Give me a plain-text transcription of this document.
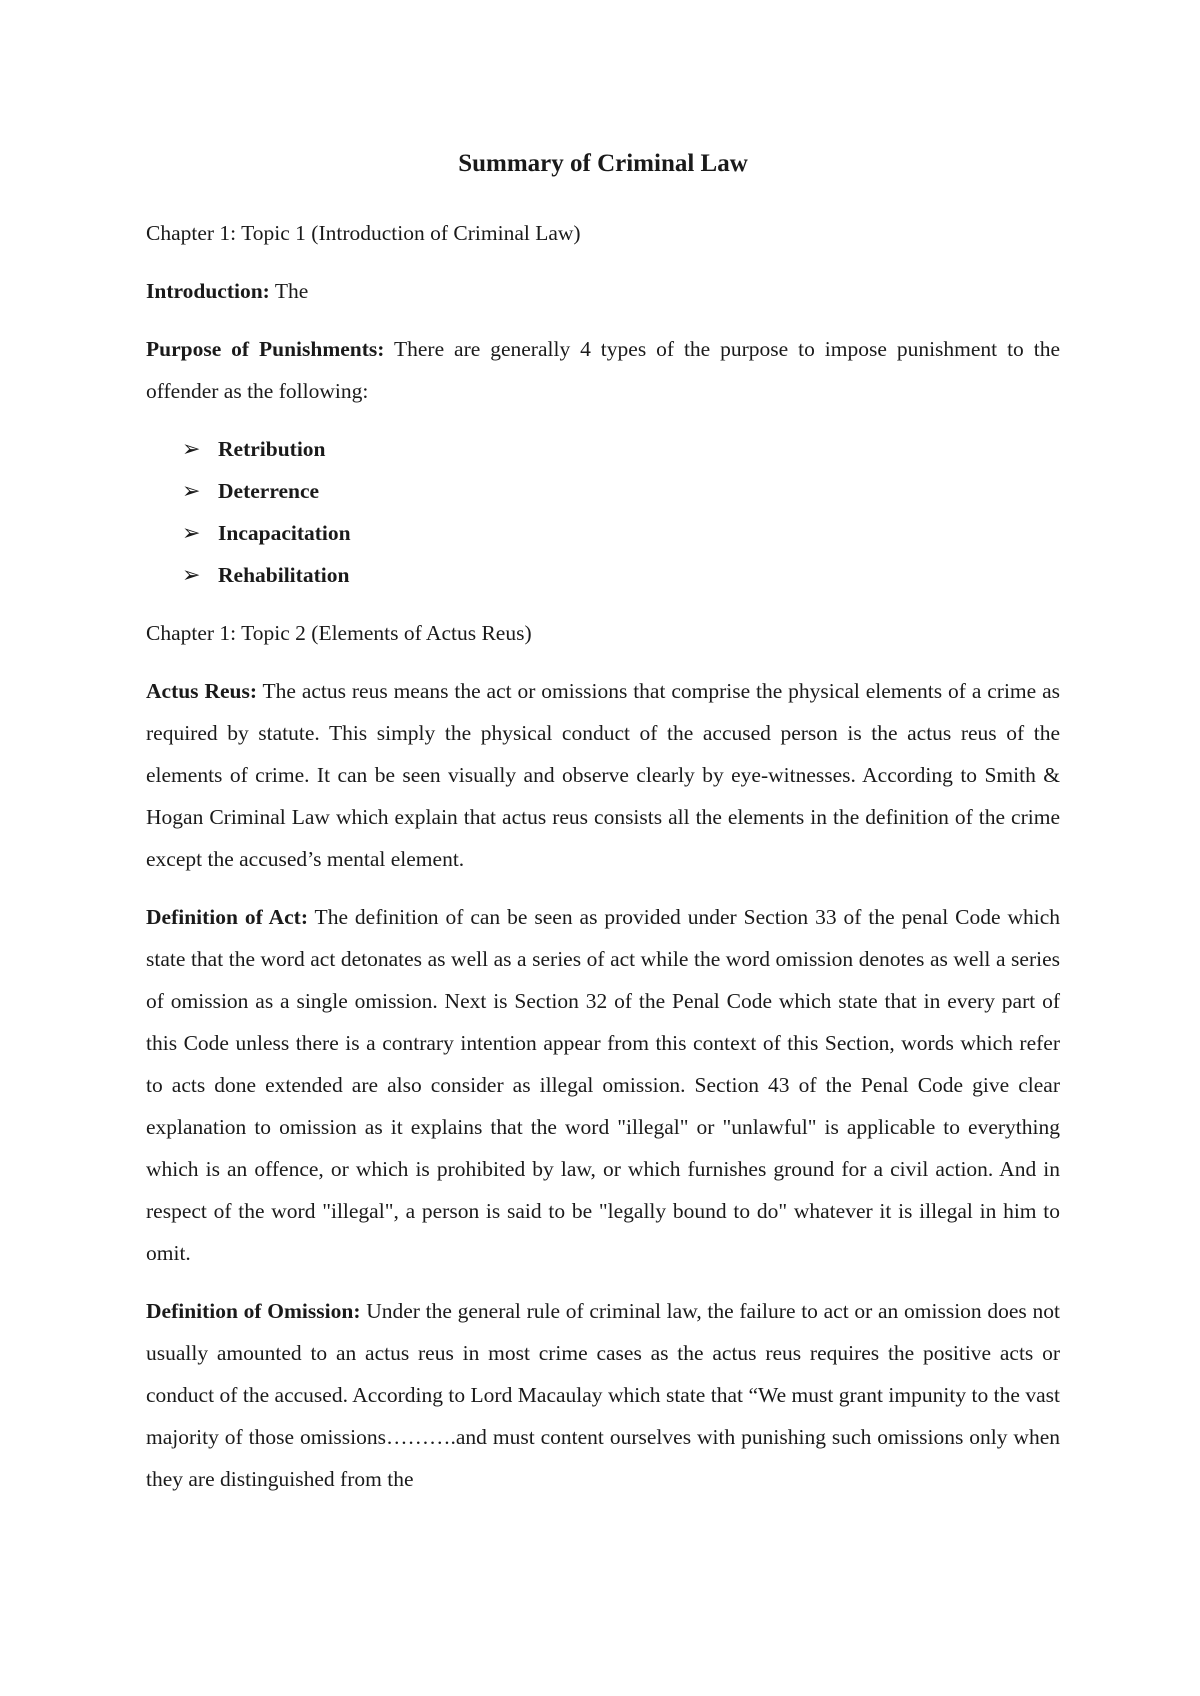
Summary of Criminal Law

Chapter 1: Topic 1 (Introduction of Criminal Law)

Introduction: The

Purpose of Punishments: There are generally 4 types of the purpose to impose punishment to the offender as the following:

➢ Retribution
➢ Deterrence
➢ Incapacitation
➢ Rehabilitation

Chapter 1: Topic 2 (Elements of Actus Reus)

Actus Reus: The actus reus means the act or omissions that comprise the physical elements of a crime as required by statute. This simply the physical conduct of the accused person is the actus reus of the elements of crime. It can be seen visually and observe clearly by eye-witnesses. According to Smith & Hogan Criminal Law which explain that actus reus consists all the elements in the definition of the crime except the accused’s mental element.

Definition of Act: The definition of can be seen as provided under Section 33 of the penal Code which state that the word act detonates as well as a series of act while the word omission denotes as well a series of omission as a single omission. Next is Section 32 of the Penal Code which state that in every part of this Code unless there is a contrary intention appear from this context of this Section, words which refer to acts done extended are also consider as illegal omission. Section 43 of the Penal Code give clear explanation to omission as it explains that the word "illegal" or "unlawful" is applicable to everything which is an offence, or which is prohibited by law, or which furnishes ground for a civil action. And in respect of the word "illegal", a person is said to be "legally bound to do" whatever it is illegal in him to omit.

Definition of Omission: Under the general rule of criminal law, the failure to act or an omission does not usually amounted to an actus reus in most crime cases as the actus reus requires the positive acts or conduct of the accused. According to Lord Macaulay which state that “We must grant impunity to the vast majority of those omissions……….and must content ourselves with punishing such omissions only when they are distinguished from the
